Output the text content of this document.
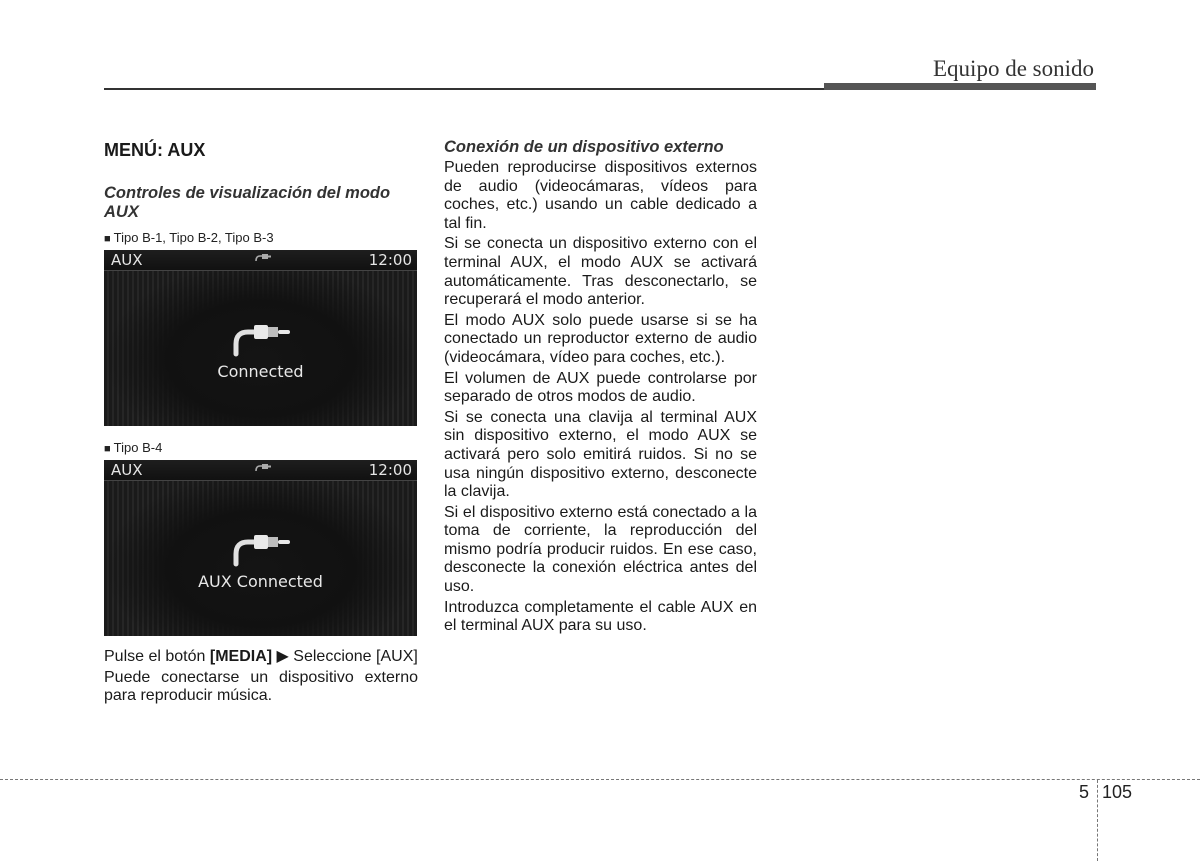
Equipo de sonido
MENÚ: AUX
Controles de visualización del modo AUX
■ Tipo B-1, Tipo B-2, Tipo B-3
AUX	12:00
Connected
■ Tipo B-4
AUX	12:00
AUX Connected

Pulse el botón [MEDIA] ▶ Seleccione [AUX]

Puede conectarse un dispositivo externo para reproducir música.

Conexión de un dispositivo externo

Pueden reproducirse dispositivos externos de audio (videocámaras, vídeos para coches, etc.) usando un cable dedicado a tal fin.

Si se conecta un dispositivo externo con el terminal AUX, el modo AUX se activará automáticamente. Tras desconectarlo, se recuperará el modo anterior.

El modo AUX solo puede usarse si se ha conectado un reproductor externo de audio (videocámara, vídeo para coches, etc.).

El volumen de AUX puede controlarse por separado de otros modos de audio.

Si se conecta una clavija al terminal AUX sin dispositivo externo, el modo AUX se activará pero solo emitirá ruidos. Si no se usa ningún dispositivo externo, desconecte la clavija.

Si el dispositivo externo está conectado a la toma de corriente, la reproducción del mismo podría producir ruidos. En ese caso, desconecte la conexión eléctrica antes del uso.

Introduzca completamente el cable AUX en el terminal AUX para su uso.

5 105
